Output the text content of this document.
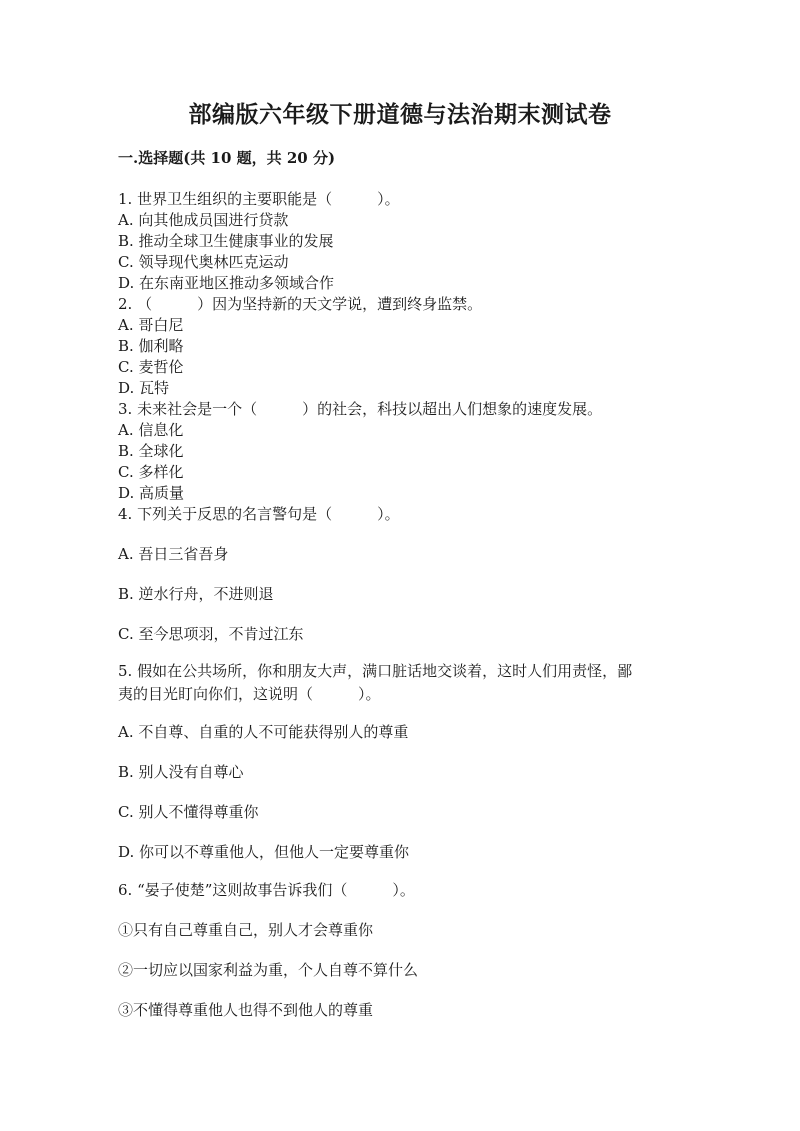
部编版六年级下册道德与法治期末测试卷
一.选择题(共 10 题，共 20 分)
1. 世界卫生组织的主要职能是（　　　）。
A. 向其他成员国进行贷款
B. 推动全球卫生健康事业的发展
C. 领导现代奥林匹克运动
D. 在东南亚地区推动多领域合作
2. （　　　）因为坚持新的天文学说，遭到终身监禁。
A. 哥白尼
B. 伽利略
C. 麦哲伦
D. 瓦特
3. 未来社会是一个（　　　）的社会，科技以超出人们想象的速度发展。
A. 信息化
B. 全球化
C. 多样化
D. 高质量
4. 下列关于反思的名言警句是（　　　）。
A. 吾日三省吾身
B. 逆水行舟，不进则退
C. 至今思项羽，不肯过江东
5. 假如在公共场所，你和朋友大声，满口脏话地交谈着，这时人们用责怪，鄙
夷的目光盯向你们，这说明（　　　）。
A. 不自尊、自重的人不可能获得别人的尊重
B. 别人没有自尊心
C. 别人不懂得尊重你
D. 你可以不尊重他人，但他人一定要尊重你
6. “晏子使楚”这则故事告诉我们（　　　）。
①只有自己尊重自己，别人才会尊重你
②一切应以国家利益为重，个人自尊不算什么
③不懂得尊重他人也得不到他人的尊重
